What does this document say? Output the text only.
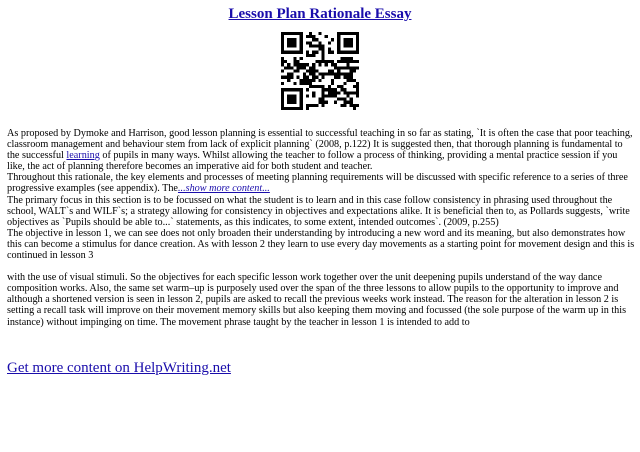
Lesson Plan Rationale Essay

As proposed by Dymoke and Harrison, good lesson planning is essential to successful teaching in so far as stating, `It is often the case that poor teaching, classroom management and behaviour stem from lack of explicit planning` (2008, p.122) It is suggested then, that thorough planning is fundamental to the successful learning of pupils in many ways. Whilst allowing the teacher to follow a process of thinking, providing a mental practice session if you like, the act of planning therefore becomes an imperative aid for both student and teacher.

Throughout this rationale, the key elements and processes of meeting planning requirements will be discussed with specific reference to a series of three progressive examples (see appendix). The...show more content...

The primary focus in this section is to be focussed on what the student is to learn and in this case follow consistency in phrasing used throughout the school, WALT`s and WILF`s; a strategy allowing for consistency in objectives and expectations alike. It is beneficial then to, as Pollards suggests, `write objectives as `Pupils should be able to...` statements, as this indicates, to some extent, intended outcomes`. (2009, p.255)

The objective in lesson 1, we can see does not only broaden their understanding by introducing a new word and its meaning, but also demonstrates how this can become a stimulus for dance creation. As with lesson 2 they learn to use every day movements as a starting point for movement design and this is continued in lesson 3

with the use of visual stimuli. So the objectives for each specific lesson work together over the unit deepening pupils understand of the way dance composition works. Also, the same set warm–up is purposely used over the span of the three lessons to allow pupils to the opportunity to improve and although a shortened version is seen in lesson 2, pupils are asked to recall the previous weeks work instead. The reason for the alteration in lesson 2 is setting a recall task will improve on their movement memory skills but also keeping them moving and focussed (the sole purpose of the warm up in this instance) without impinging on time. The movement phrase taught by the teacher in lesson 1 is intended to add to

Get more content on HelpWriting.net
